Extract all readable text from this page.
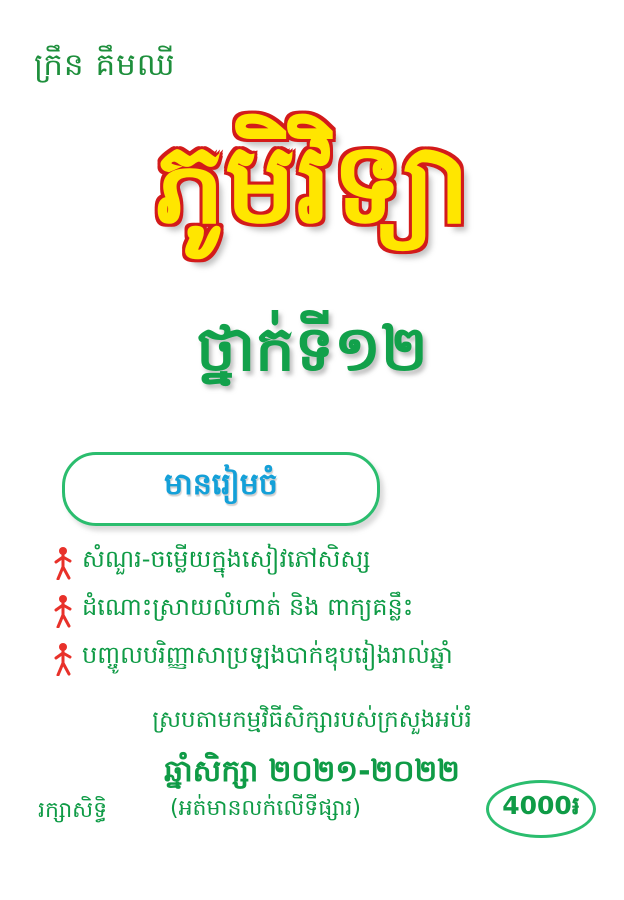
ក្រឹន គឹមឈី
ភូមិវិទ្យា
ថ្នាក់ទី១២
មានរៀមចំ
សំណួរ-ចម្លើយក្នុងសៀវភៅសិស្ស
ដំណោះស្រាយលំហាត់ និង ពាក្យគន្លឹះ
បញ្ចូលបរិញ្ញាសាប្រឡងបាក់ឌុបរៀងរាល់ឆ្នាំ
ស្របតាមកម្មវិធីសិក្សារបស់ក្រសួងអប់រំ
ឆ្នាំសិក្សា ២០២១-២០២២
រក្សាសិទ្ធិ	(អត់មានលក់លើទីផ្សារ)	4000៛
